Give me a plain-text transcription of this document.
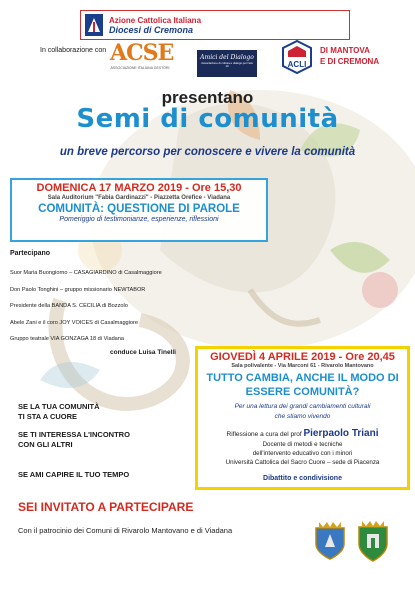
Azione Cattolica Italiana
Diocesi di Cremona
In collaborazione con ACSE
ASSOCIAZIONE ITALIANA GESTORI
Amici del Dialogo
Associazione di cultura e dialogo per l'età 10	ACLI
DI MANTOVA
E DI CREMONA
presentano
Semi di comunità
un breve percorso per conoscere e vivere la comunità
DOMENICA 17 MARZO 2019 - Ore 15,30
Sala Auditorium "Fabia Gardinazzi" - Piazzetta Orefice - Viadana
COMUNITÀ: QUESTIONE DI PAROLE
Pomeriggio di testimonianze, esperienze, riflessioni
Partecipano
Suor Maria Buongiorno – CASAGIARDINO di Casalmaggiore
Don Paolo Tonghini – gruppo missionario NEWTABOR
Presidente della BANDA S. CECILIA di Bozzolo
Abele Zani e il coro JOY VOICES di Casalmaggiore
Gruppo teatrale VIA GONZAGA 18 di Viadana
conduce Luisa Tinelli	GIOVEDÌ 4 APRILE 2019 - Ore 20,45
Sala polivalente - Via Marconi 61 - Rivarolo Mantovano
TUTTO CAMBIA, ANCHE IL MODO DI
ESSERE COMUNITÀ?
Per una lettura dei grandi cambiamenti culturali
che stiamo vivendo
Riflessione a cura del prof Pierpaolo Triani
Docente di metodi e tecniche
dell'intervento educativo con i minori
Università Cattolica del Sacro Cuore – sede di Piacenza
Dibattito e condivisione
SE LA TUA COMUNITÀ
TI STA A CUORE
SE TI INTERESSA L'INCONTRO
CON GLI ALTRI
SE AMI CAPIRE IL TUO TEMPO
SEI INVITATO A PARTECIPARE
Con il patrocinio dei Comuni di Rivarolo Mantovano e di Viadana
